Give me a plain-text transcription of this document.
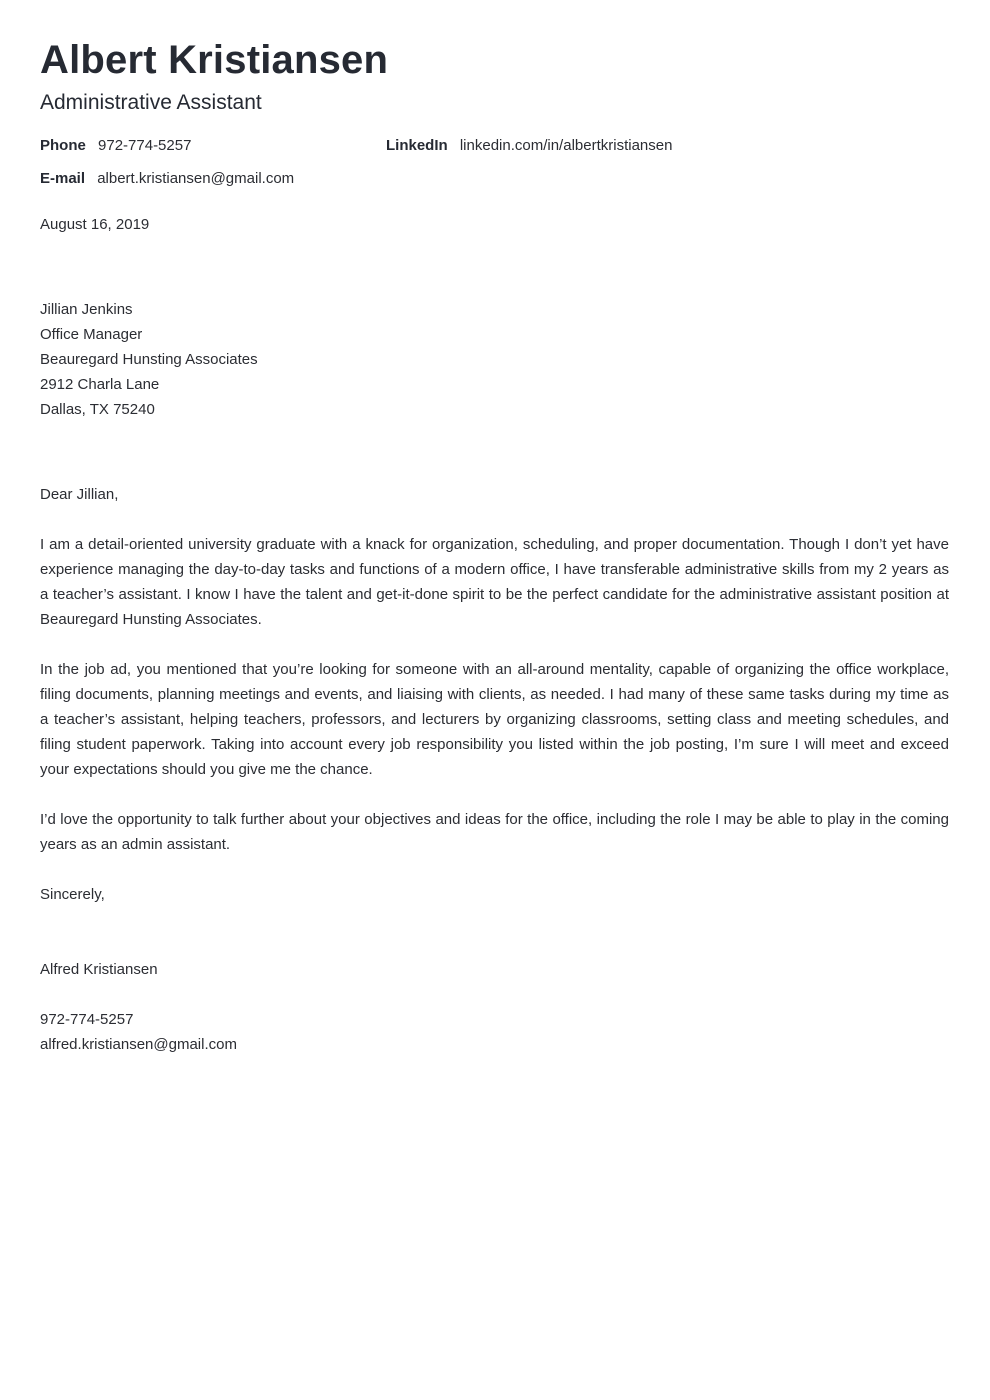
Albert Kristiansen
Administrative Assistant
Phone 972-774-5257	LinkedIn linkedin.com/in/albertkristiansen
E-mail albert.kristiansen@gmail.com
August 16, 2019
Jillian Jenkins
Office Manager
Beauregard Hunsting Associates
2912 Charla Lane
Dallas, TX 75240
Dear Jillian,
I am a detail-oriented university graduate with a knack for organization, scheduling, and proper documentation. Though I don’t yet have experience managing the day-to-day tasks and functions of a modern office, I have transferable administrative skills from my 2 years as a teacher’s assistant. I know I have the talent and get-it-done spirit to be the perfect candidate for the administrative assistant position at Beauregard Hunsting Associates.
In the job ad, you mentioned that you’re looking for someone with an all-around mentality, capable of organizing the office workplace, filing documents, planning meetings and events, and liaising with clients, as needed. I had many of these same tasks during my time as a teacher’s assistant, helping teachers, professors, and lecturers by organizing classrooms, setting class and meeting schedules, and filing student paperwork. Taking into account every job responsibility you listed within the job posting, I’m sure I will meet and exceed your expectations should you give me the chance.
I’d love the opportunity to talk further about your objectives and ideas for the office, including the role I may be able to play in the coming years as an admin assistant.
Sincerely,
Alfred Kristiansen
972-774-5257
alfred.kristiansen@gmail.com
